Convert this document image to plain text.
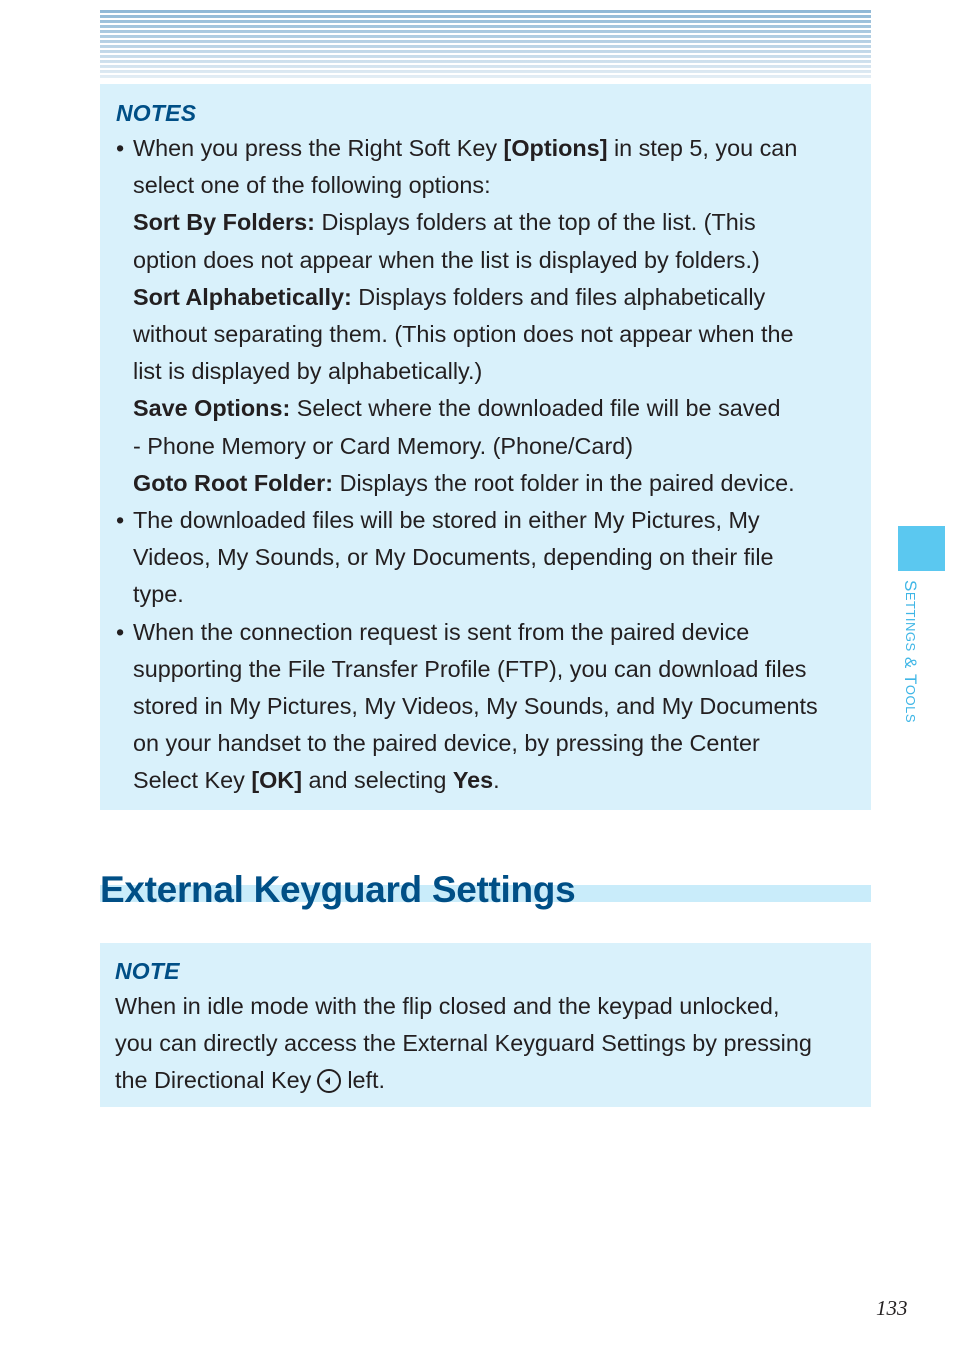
NOTES
• When you press the Right Soft Key [Options] in step 5, you can
select one of the following options:
Sort By Folders: Displays folders at the top of the list. (This
option does not appear when the list is displayed by folders.)
Sort Alphabetically: Displays folders and files alphabetically
without separating them. (This option does not appear when the
list is displayed by alphabetically.)
Save Options: Select where the downloaded file will be saved
- Phone Memory or Card Memory. (Phone/Card)
Goto Root Folder: Displays the root folder in the paired device.
• The downloaded files will be stored in either My Pictures, My
Videos, My Sounds, or My Documents, depending on their file
type.
• When the connection request is sent from the paired device
supporting the File Transfer Profile (FTP), you can download files
stored in My Pictures, My Videos, My Sounds, and My Documents
on your handset to the paired device, by pressing the Center
Select Key [OK] and selecting Yes.
External Keyguard Settings
NOTE
When in idle mode with the flip closed and the keypad unlocked,
you can directly access the External Keyguard Settings by pressing
the Directional Key left.
SETTINGS & TOOLS
133
